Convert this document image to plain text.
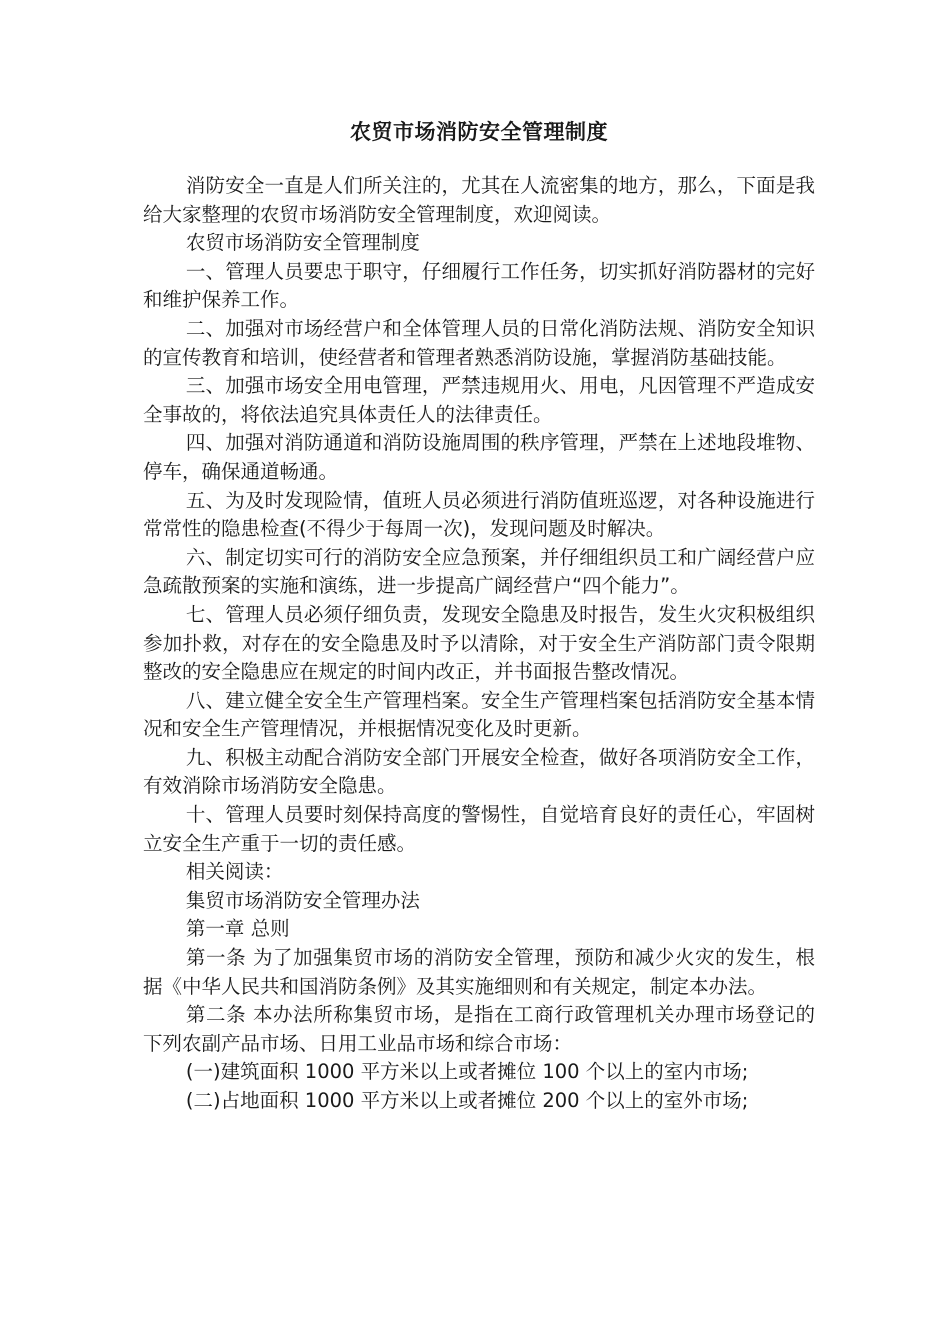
农贸市场消防安全管理制度

消防安全一直是人们所关注的，尤其在人流密集的地方，那么，下面是我给大家整理的农贸市场消防安全管理制度，欢迎阅读。

农贸市场消防安全管理制度

一、管理人员要忠于职守，仔细履行工作任务，切实抓好消防器材的完好和维护保养工作。

二、加强对市场经营户和全体管理人员的日常化消防法规、消防安全知识的宣传教育和培训，使经营者和管理者熟悉消防设施，掌握消防基础技能。

三、加强市场安全用电管理，严禁违规用火、用电，凡因管理不严造成安全事故的，将依法追究具体责任人的法律责任。

四、加强对消防通道和消防设施周围的秩序管理，严禁在上述地段堆物、停车，确保通道畅通。

五、为及时发现险情，值班人员必须进行消防值班巡逻，对各种设施进行常常性的隐患检查(不得少于每周一次)，发现问题及时解决。

六、制定切实可行的消防安全应急预案，并仔细组织员工和广阔经营户应急疏散预案的实施和演练，进一步提高广阔经营户“四个能力”。

七、管理人员必须仔细负责，发现安全隐患及时报告，发生火灾积极组织参加扑救，对存在的安全隐患及时予以清除，对于安全生产消防部门责令限期整改的安全隐患应在规定的时间内改正，并书面报告整改情况。

八、建立健全安全生产管理档案。安全生产管理档案包括消防安全基本情况和安全生产管理情况，并根据情况变化及时更新。

九、积极主动配合消防安全部门开展安全检查，做好各项消防安全工作，有效消除市场消防安全隐患。

十、管理人员要时刻保持高度的警惕性，自觉培育良好的责任心，牢固树立安全生产重于一切的责任感。

相关阅读：

集贸市场消防安全管理办法

第一章 总则

第一条 为了加强集贸市场的消防安全管理，预防和减少火灾的发生，根据《中华人民共和国消防条例》及其实施细则和有关规定，制定本办法。

第二条 本办法所称集贸市场，是指在工商行政管理机关办理市场登记的下列农副产品市场、日用工业品市场和综合市场：

(一)建筑面积 1000 平方米以上或者摊位 100 个以上的室内市场;

(二)占地面积 1000 平方米以上或者摊位 200 个以上的室外市场;
